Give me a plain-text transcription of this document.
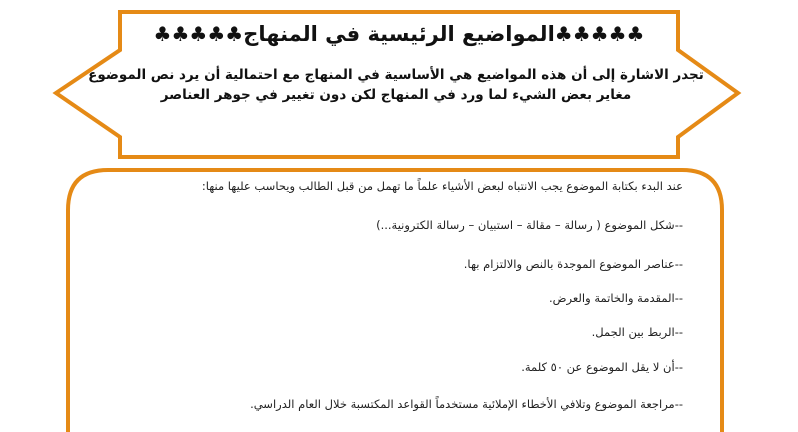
♣♣♣♣♣المواضيع الرئيسية في المنهاج♣♣♣♣♣
تجدر الاشارة إلى أن هذه المواضيع هي الأساسية في المنهاج مع احتمالية أن يرد نص الموضوع
مغاير بعض الشيء لما ورد في المنهاج لكن دون تغيير في جوهر العناصر
عند البدء بكتابة الموضوع يجب الانتباه لبعض الأشياء علماً ما تهمل من قبل الطالب ويحاسب عليها منها:
--شكل الموضوع ( رسالة – مقالة – استبيان – رسالة الكترونية...)
--عناصر الموضوع الموجدة بالنص والالتزام بها.
--المقدمة والخاتمة والعرض.
--الربط بين الجمل.
--أن لا يقل الموضوع عن ٥٠ كلمة.
--مراجعة الموضوع وتلافي الأخطاء الإملائية مستخدماً القواعد المكتسبة خلال العام الدراسي.
